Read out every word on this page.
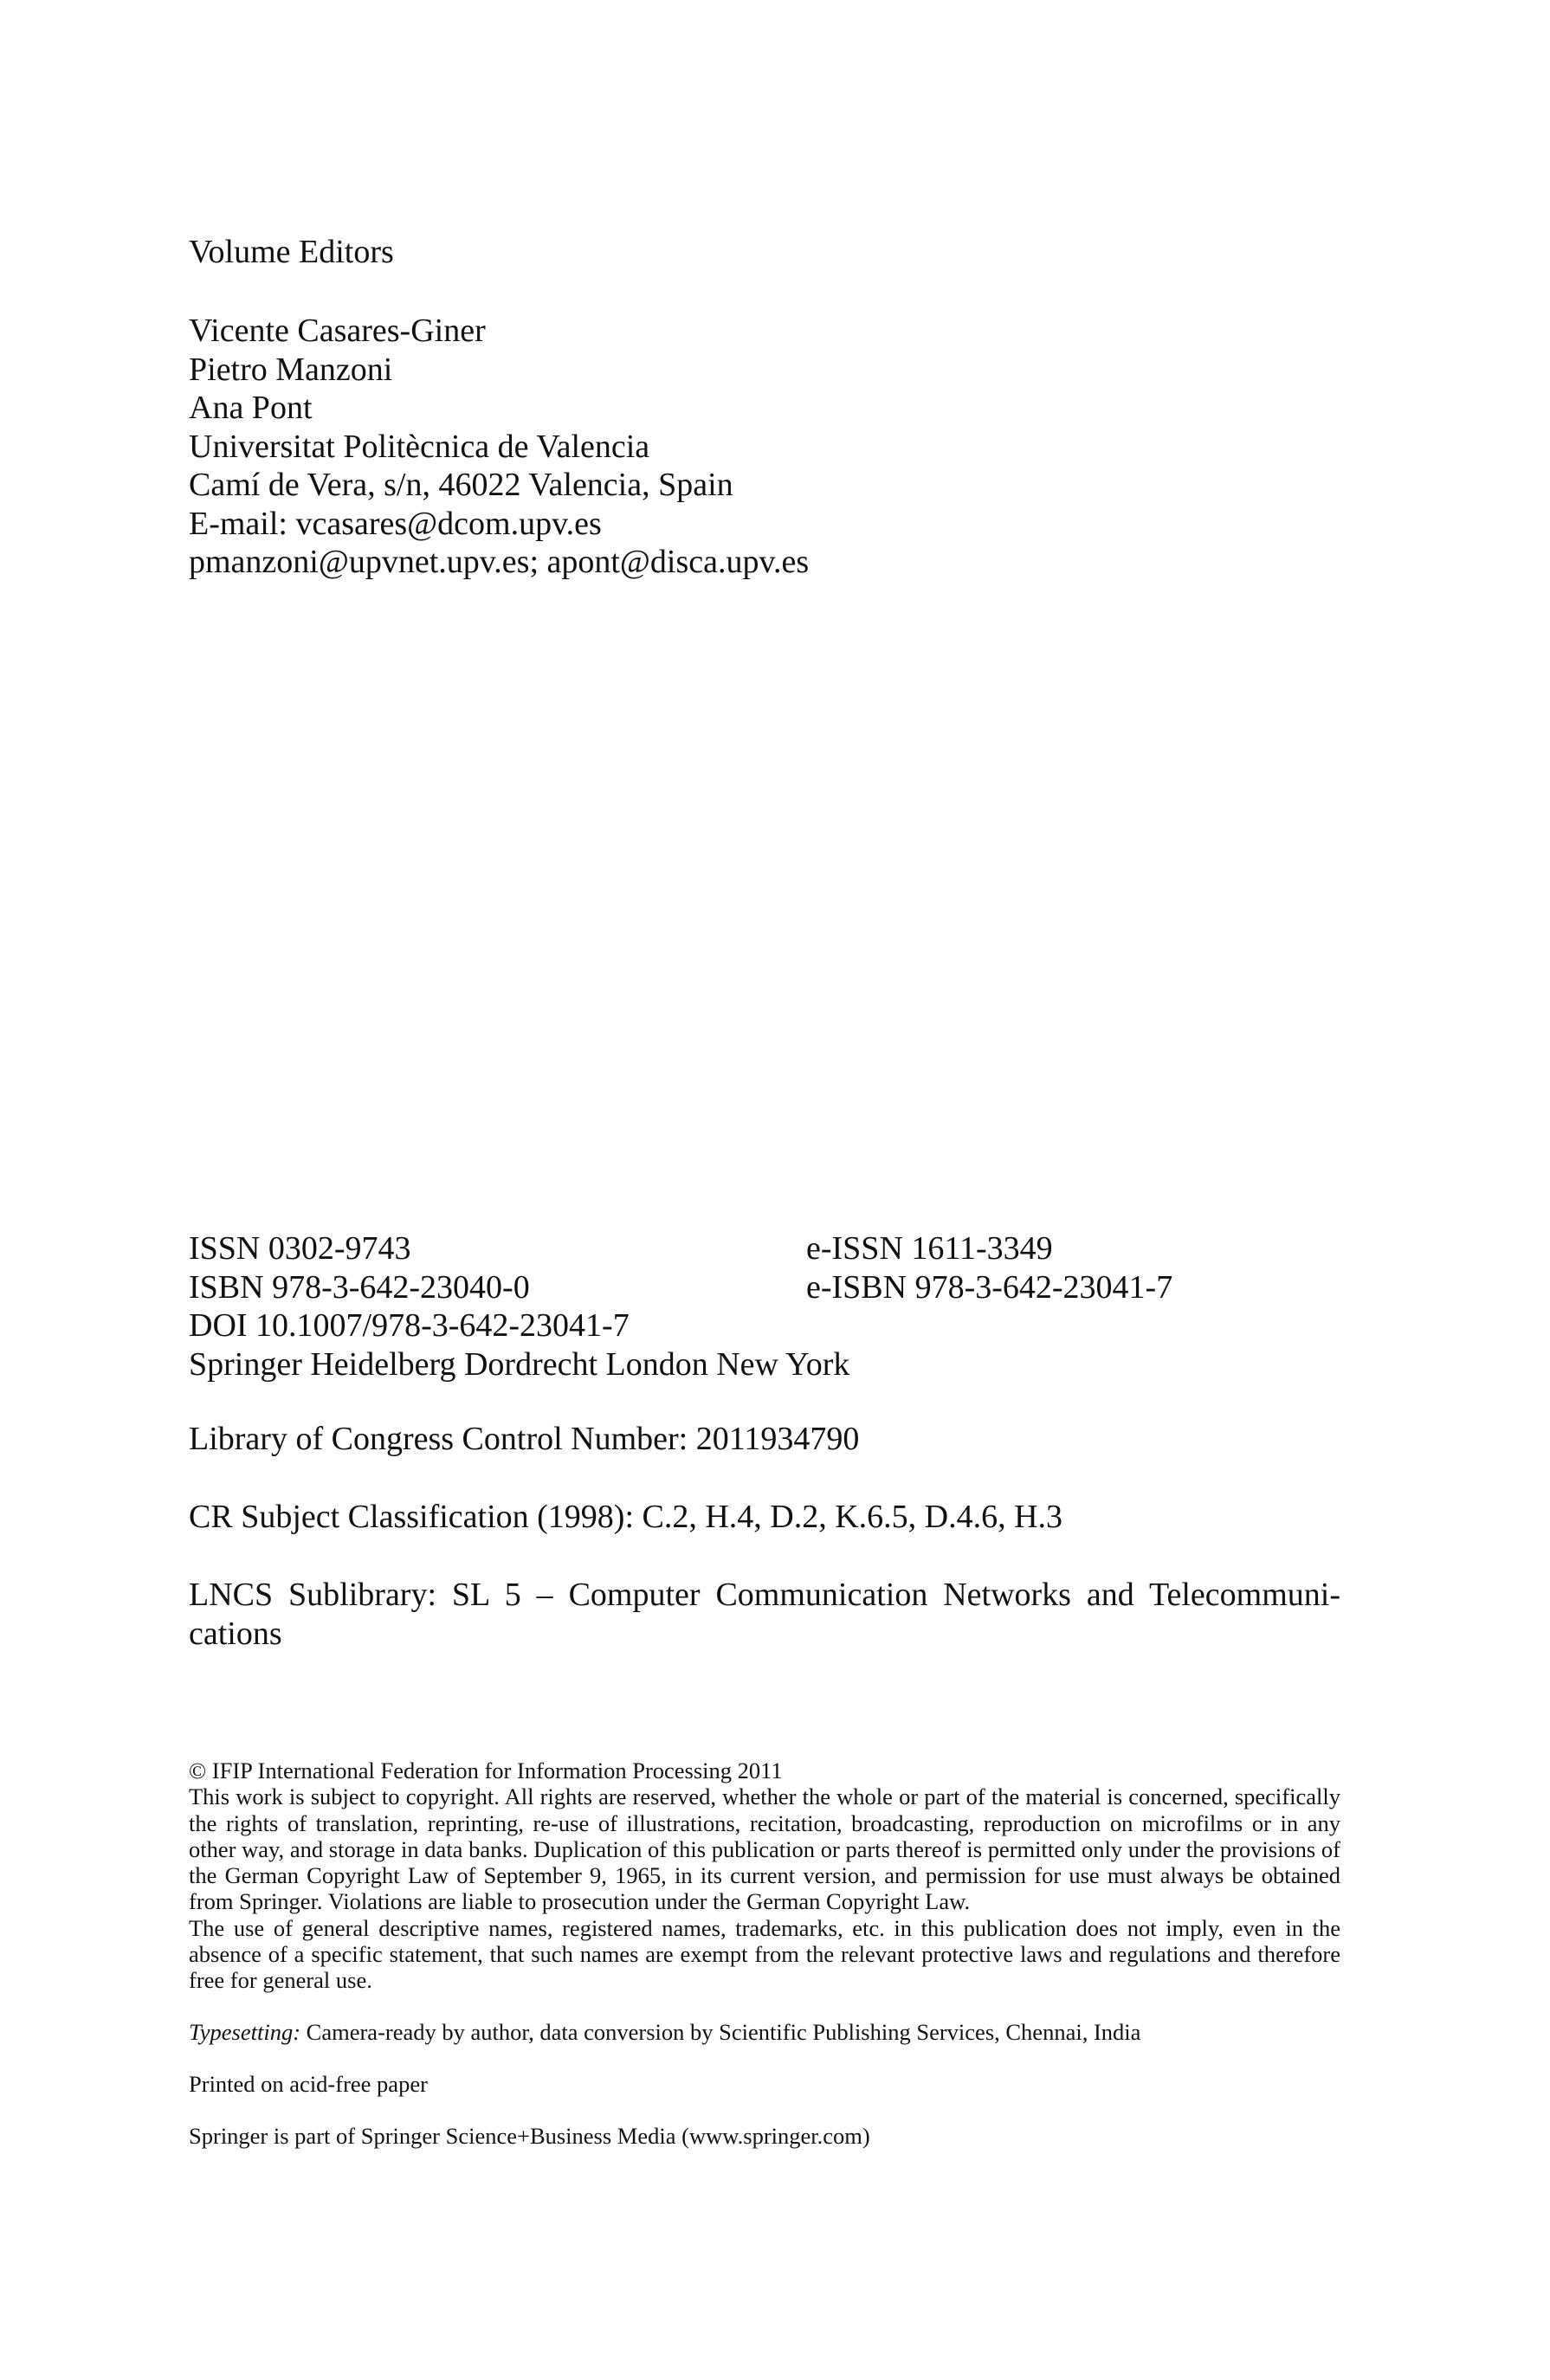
Volume Editors
Vicente Casares-Giner
Pietro Manzoni
Ana Pont
Universitat Politècnica de Valencia
Camí de Vera, s/n, 46022 Valencia, Spain
E-mail: vcasares@dcom.upv.es
pmanzoni@upvnet.upv.es; apont@disca.upv.es
ISSN 0302-9743	e-ISSN 1611-3349
ISBN 978-3-642-23040-0	e-ISBN 978-3-642-23041-7
DOI 10.1007/978-3-642-23041-7
Springer Heidelberg Dordrecht London New York
Library of Congress Control Number: 2011934790
CR Subject Classification (1998): C.2, H.4, D.2, K.6.5, D.4.6, H.3
LNCS Sublibrary: SL 5 – Computer Communication Networks and Telecommuni- cations

© IFIP International Federation for Information Processing 2011

This work is subject to copyright. All rights are reserved, whether the whole or part of the material is concerned, specifically the rights of translation, reprinting, re-use of illustrations, recitation, broadcasting, reproduction on microfilms or in any other way, and storage in data banks. Duplication of this publication or parts thereof is permitted only under the provisions of the German Copyright Law of September 9, 1965, in its current version, and permission for use must always be obtained from Springer. Violations are liable to prosecution under the German Copyright Law.

The use of general descriptive names, registered names, trademarks, etc. in this publication does not imply, even in the absence of a specific statement, that such names are exempt from the relevant protective laws and regulations and therefore free for general use.

Typesetting: Camera-ready by author, data conversion by Scientific Publishing Services, Chennai, India
Printed on acid-free paper
Springer is part of Springer Science+Business Media (www.springer.com)
